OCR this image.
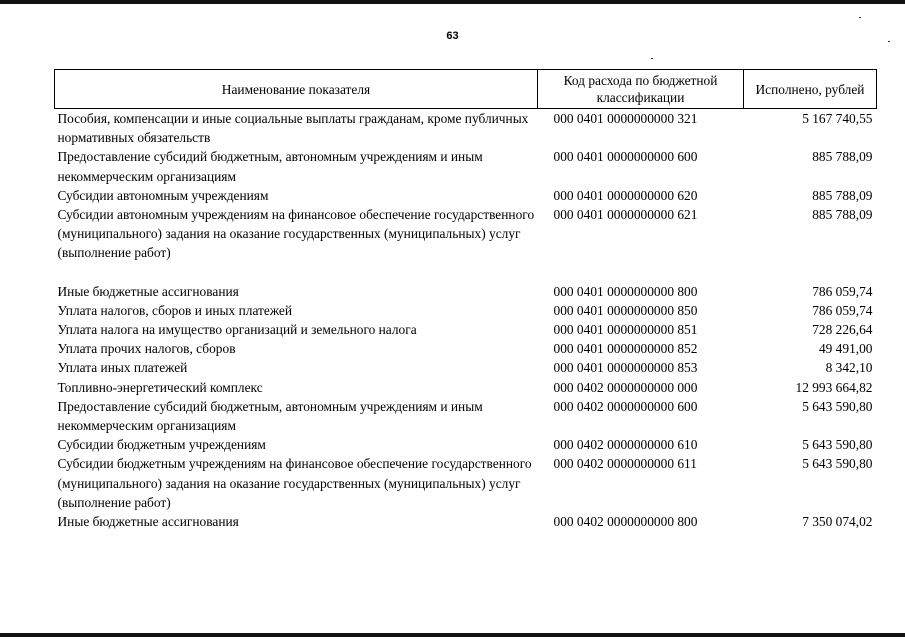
63
Наименование показателя	Код расхода по бюджетной классификации	Исполнено, рублей
Пособия, компенсации и иные социальные выплаты гражданам, кроме публичных нормативных обязательств	000 0401 0000000000 321	5 167 740,55
Предоставление субсидий бюджетным, автономным учреждениям и иным некоммерческим организациям	000 0401 0000000000 600	885 788,09
Субсидии автономным учреждениям	000 0401 0000000000 620	885 788,09
Субсидии автономным учреждениям на финансовое обеспечение государственного (муниципального) задания на оказание государственных (муниципальных) услуг (выполнение работ)	000 0401 0000000000 621	885 788,09

Иные бюджетные ассигнования	000 0401 0000000000 800	786 059,74
Уплата налогов, сборов и иных платежей	000 0401 0000000000 850	786 059,74
Уплата налога на имущество организаций и земельного налога	000 0401 0000000000 851	728 226,64
Уплата прочих налогов, сборов	000 0401 0000000000 852	49 491,00
Уплата иных платежей	000 0401 0000000000 853	8 342,10
Топливно-энергетический комплекс	000 0402 0000000000 000	12 993 664,82
Предоставление субсидий бюджетным, автономным учреждениям и иным некоммерческим организациям	000 0402 0000000000 600	5 643 590,80
Субсидии бюджетным учреждениям	000 0402 0000000000 610	5 643 590,80
Субсидии бюджетным учреждениям на финансовое обеспечение государственного (муниципального) задания на оказание государственных (муниципальных) услуг (выполнение работ)	000 0402 0000000000 611	5 643 590,80
Иные бюджетные ассигнования	000 0402 0000000000 800	7 350 074,02
